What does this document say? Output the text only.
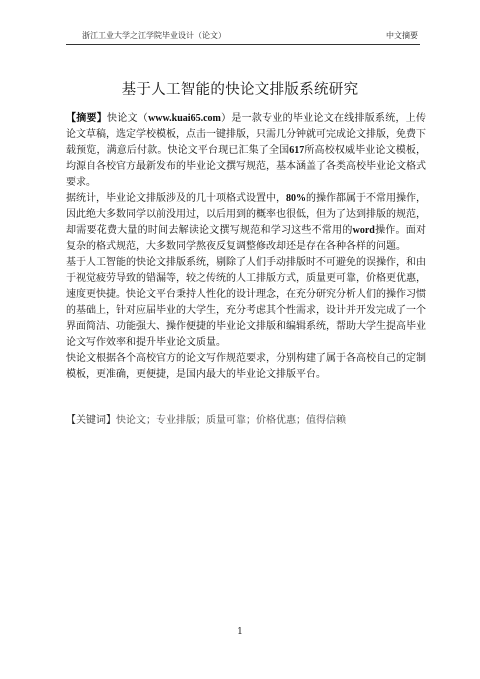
浙江工业大学之江学院毕业设计（论文）	中文摘要
基于人工智能的快论文排版系统研究

【摘要】快论文（www.kuai65.com）是一款专业的毕业论文在线排版系统，上传论文草稿，选定学校模板，点击一键排版，只需几分钟就可完成论文排版，免费下载预览，满意后付款。快论文平台现已汇集了全国617所高校权威毕业论文模板，均源自各校官方最新发布的毕业论文撰写规范，基本涵盖了各类高校毕业论文格式要求。

据统计，毕业论文排版涉及的几十项格式设置中，80%的操作都属于不常用操作，因此绝大多数同学以前没用过，以后用到的概率也很低，但为了达到排版的规范，却需要花费大量的时间去解读论文撰写规范和学习这些不常用的word操作。面对复杂的格式规范，大多数同学熬夜反复调整修改却还是存在各种各样的问题。

基于人工智能的快论文排版系统，剔除了人们手动排版时不可避免的误操作，和由于视觉疲劳导致的错漏等，较之传统的人工排版方式，质量更可靠，价格更优惠，速度更快捷。快论文平台秉持人性化的设计理念，在充分研究分析人们的操作习惯的基础上，针对应届毕业的大学生，充分考虑其个性需求，设计并开发完成了一个界面简洁、功能强大、操作便捷的毕业论文排版和编辑系统，帮助大学生提高毕业论文写作效率和提升毕业论文质量。

快论文根据各个高校官方的论文写作规范要求，分别构建了属于各高校自己的定制模板，更准确，更便捷，是国内最大的毕业论文排版平台。

【关键词】快论文；专业排版；质量可靠；价格优惠；值得信赖
1
